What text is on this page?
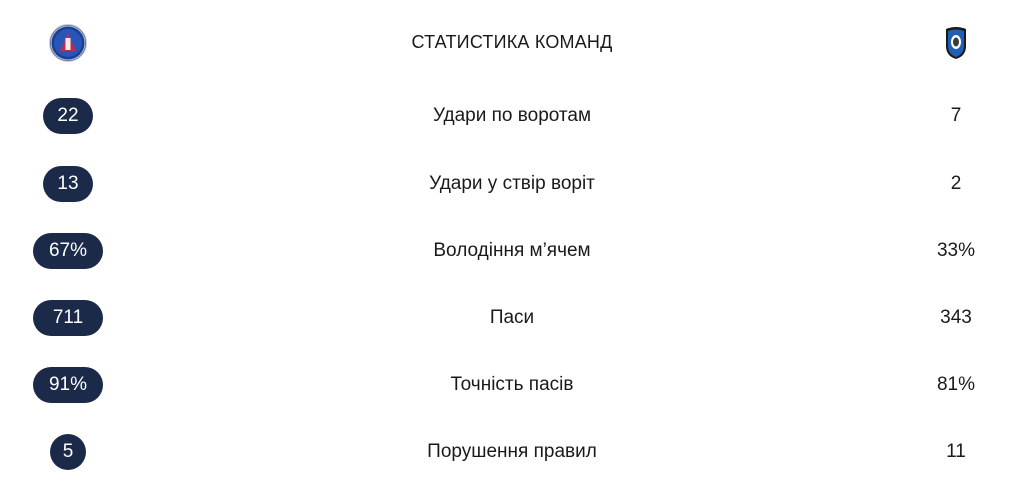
СТАТИСТИКА КОМАНД
22	Удари по воротам	7
13	Удари у ствір воріт	2
67%	Володіння м’ячем	33%
711	Паси	343
91%	Точність пасів	81%
5	Порушення правил	11
